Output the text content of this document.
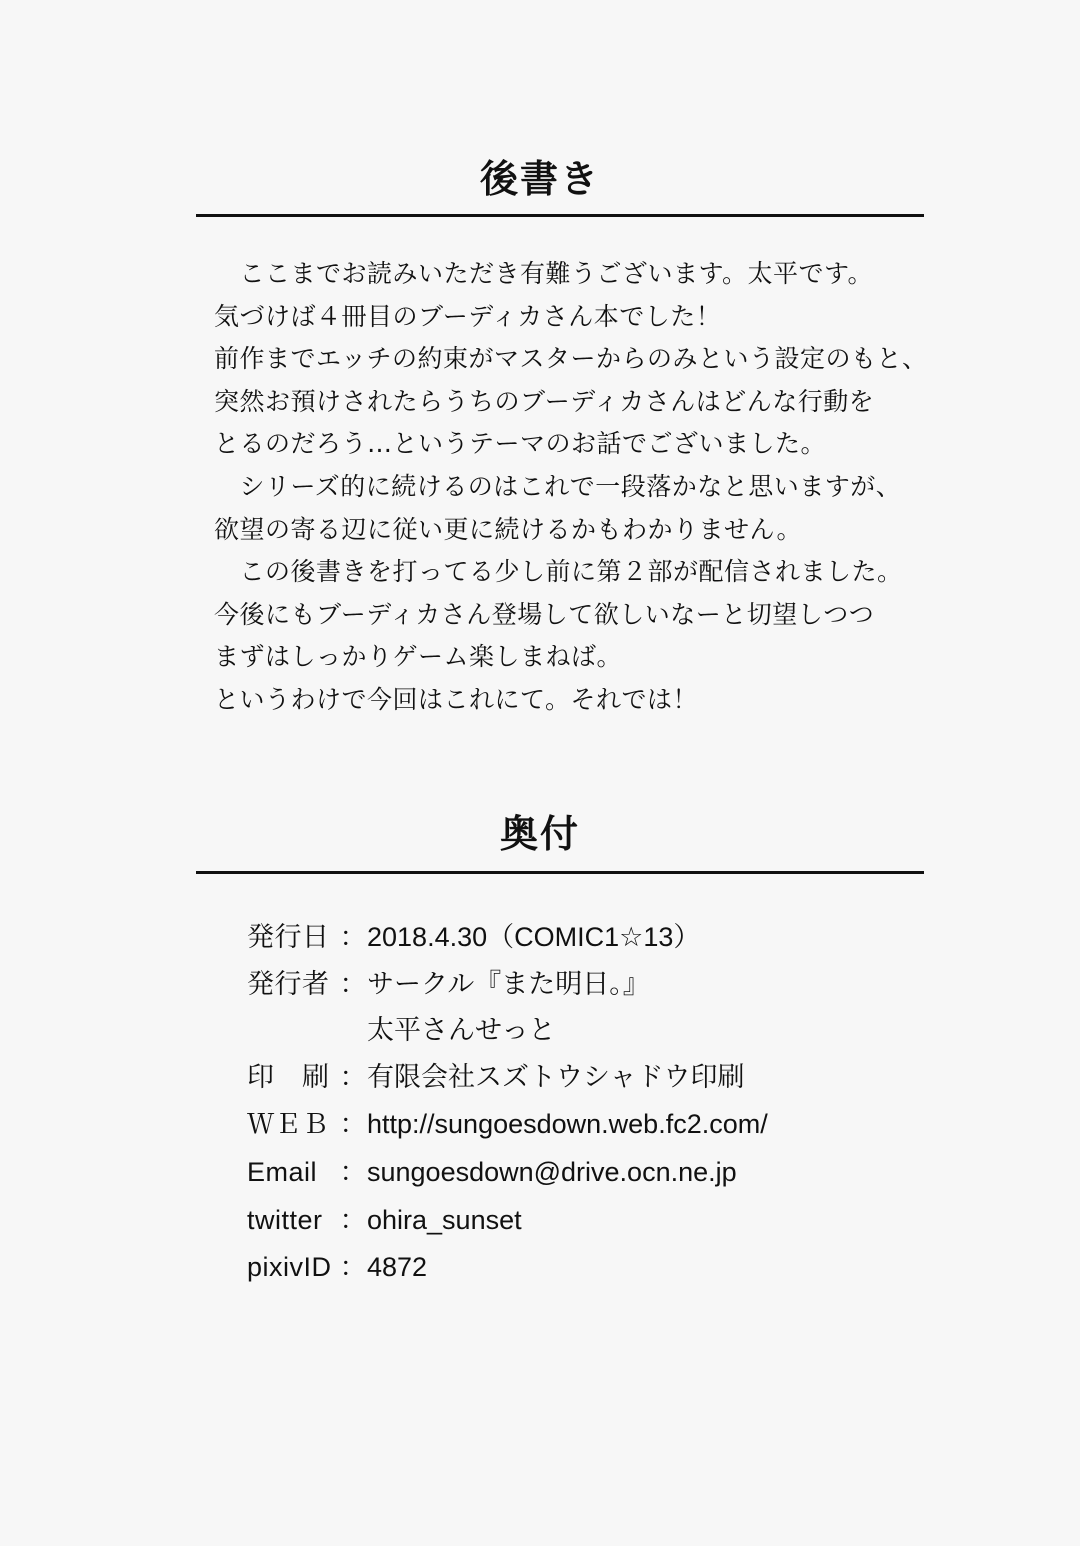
後書き
　ここまでお読みいただき有難うございます。太平です。
気づけば４冊目のブーディカさん本でした！
前作までエッチの約束がマスターからのみという設定のもと、
突然お預けされたらうちのブーディカさんはどんな行動を
とるのだろう…というテーマのお話でございました。
　シリーズ的に続けるのはこれで一段落かなと思いますが、
欲望の寄る辺に従い更に続けるかもわかりません。
　この後書きを打ってる少し前に第２部が配信されました。
今後にもブーディカさん登場して欲しいなーと切望しつつ
まずはしっかりゲーム楽しまねば。
というわけで今回はこれにて。それでは！
奥付
発行日 ： 2018.4.30（COMIC1☆13）
発行者 ： サークル『また明日。』
太平さんせっと
印　刷 ： 有限会社スズトウシャドウ印刷
ＷＥＢ ： http://sungoesdown.web.fc2.com/
Email ： sungoesdown@drive.ocn.ne.jp
twitter ： ohira_sunset
pixivID ： 4872
